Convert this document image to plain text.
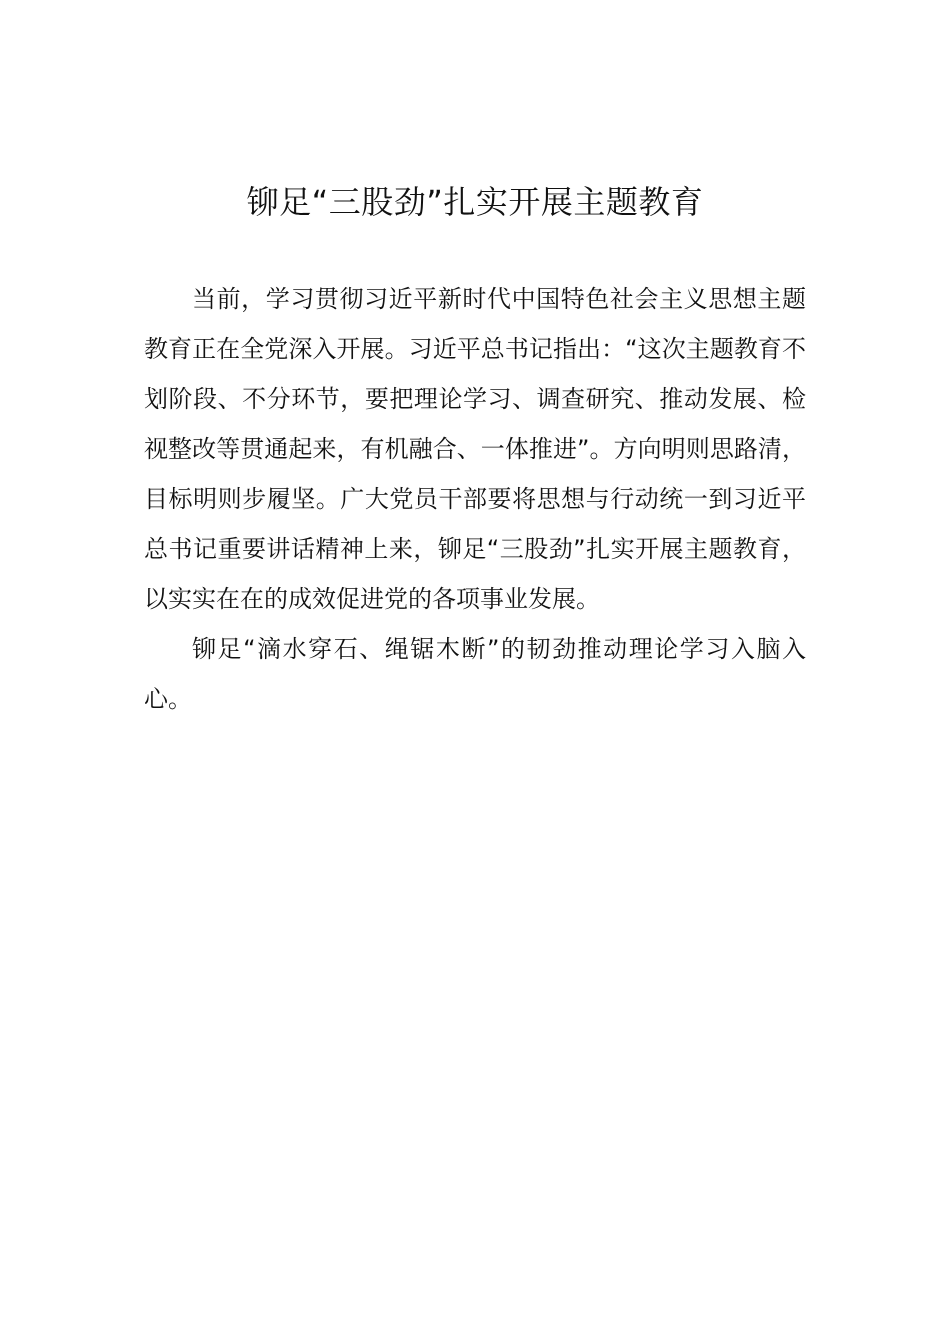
铆足“三股劲”扎实开展主题教育

当前，学习贯彻习近平新时代中国特色社会主义思想主题教育正在全党深入开展。习近平总书记指出：“这次主题教育不划阶段、不分环节，要把理论学习、调查研究、推动发展、检视整改等贯通起来，有机融合、一体推进”。方向明则思路清，目标明则步履坚。广大党员干部要将思想与行动统一到习近平总书记重要讲话精神上来，铆足“三股劲”扎实开展主题教育，以实实在在的成效促进党的各项事业发展。

铆足“滴水穿石、绳锯木断”的韧劲推动理论学习入脑入心。
